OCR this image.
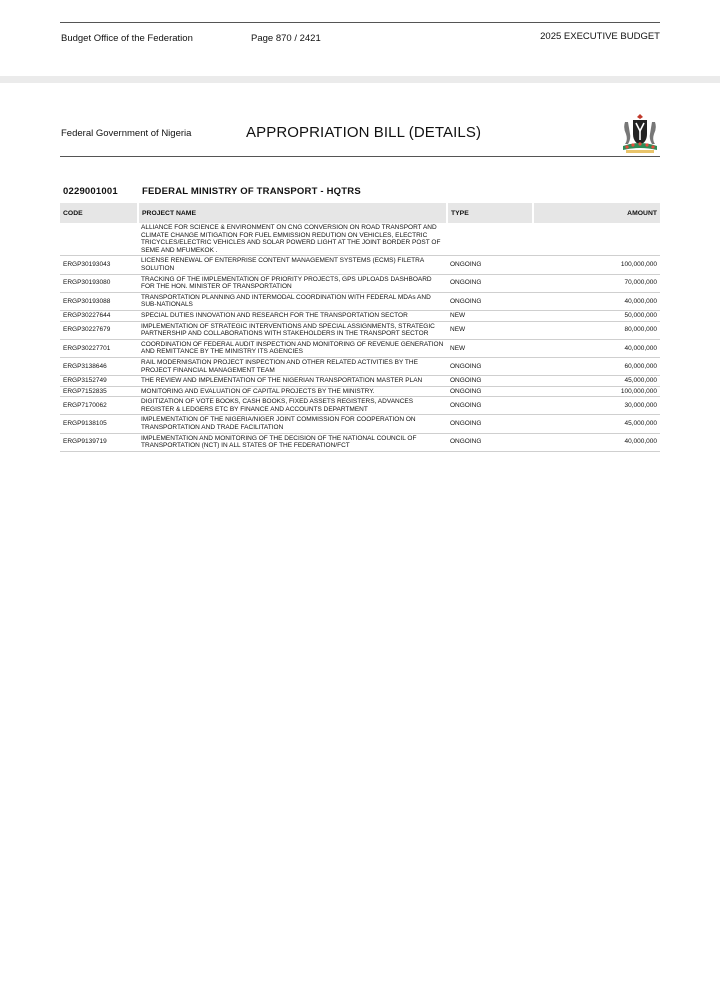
Budget Office of the Federation	Page 870 / 2421	2025 EXECUTIVE BUDGET
Federal Government of Nigeria	APPROPRIATION BILL (DETAILS)
0229001001	FEDERAL MINISTRY OF TRANSPORT - HQTRS
CODE	PROJECT NAME	TYPE	AMOUNT
	ALLIANCE FOR SCIENCE & ENVIRONMENT ON CNG CONVERSION ON ROAD TRANSPORT AND CLIMATE CHANGE MITIGATION FOR FUEL EMMISSION REDUTION ON VEHICLES, ELECTRIC TRICYCLES/ELECTRIC VEHICLES AND SOLAR POWERD LIGHT AT THE JOINT BORDER POST OF SEME AND MFUMEKOK .		
ERGP30193043	LICENSE RENEWAL OF ENTERPRISE CONTENT MANAGEMENT SYSTEMS (ECMS) FILETRA SOLUTION	ONGOING	100,000,000
ERGP30193080	TRACKING OF THE IMPLEMENTATION OF PRIORITY PROJECTS, GPS UPLOADS DASHBOARD FOR THE HON. MINISTER OF TRANSPORTATION	ONGOING	70,000,000
ERGP30193088	TRANSPORTATION PLANNING AND INTERMODAL COORDINATION WITH FEDERAL MDAs AND SUB-NATIONALS	ONGOING	40,000,000
ERGP30227644	SPECIAL DUTIES INNOVATION AND RESEARCH FOR THE TRANSPORTATION SECTOR	NEW	50,000,000
ERGP30227679	IMPLEMENTATION OF STRATEGIC INTERVENTIONS AND SPECIAL ASSIGNMENTS, STRATEGIC PARTNERSHIP AND COLLABORATIONS WITH STAKEHOLDERS IN THE TRANSPORT SECTOR	NEW	80,000,000
ERGP30227701	COORDINATION OF FEDERAL AUDIT INSPECTION AND MONITORING OF REVENUE GENERATION AND REMITTANCE BY THE MINISTRY ITS AGENCIES	NEW	40,000,000
ERGP3138646	RAIL MODERNISATION PROJECT INSPECTION AND OTHER RELATED ACTIVITIES BY THE PROJECT FINANCIAL MANAGEMENT TEAM	ONGOING	60,000,000
ERGP3152749	THE REVIEW AND IMPLEMENTATION OF THE NIGERIAN TRANSPORTATION MASTER PLAN	ONGOING	45,000,000
ERGP7152835	MONITORING AND EVALUATION OF CAPITAL PROJECTS BY THE MINISTRY.	ONGOING	100,000,000
ERGP7170062	DIGITIZATION OF VOTE BOOKS, CASH BOOKS, FIXED ASSETS REGISTERS, ADVANCES REGISTER & LEDGERS ETC BY FINANCE AND ACCOUNTS DEPARTMENT	ONGOING	30,000,000
ERGP9138105	IMPLEMENTATION OF THE NIGERIA/NIGER JOINT COMMISSION FOR COOPERATION ON TRANSPORTATION AND TRADE FACILITATION	ONGOING	45,000,000
ERGP9139719	IMPLEMENTATION AND MONITORING OF THE DECISION OF THE NATIONAL COUNCIL OF TRANSPORTATION (NCT) IN ALL STATES OF THE FEDERATION/FCT	ONGOING	40,000,000
